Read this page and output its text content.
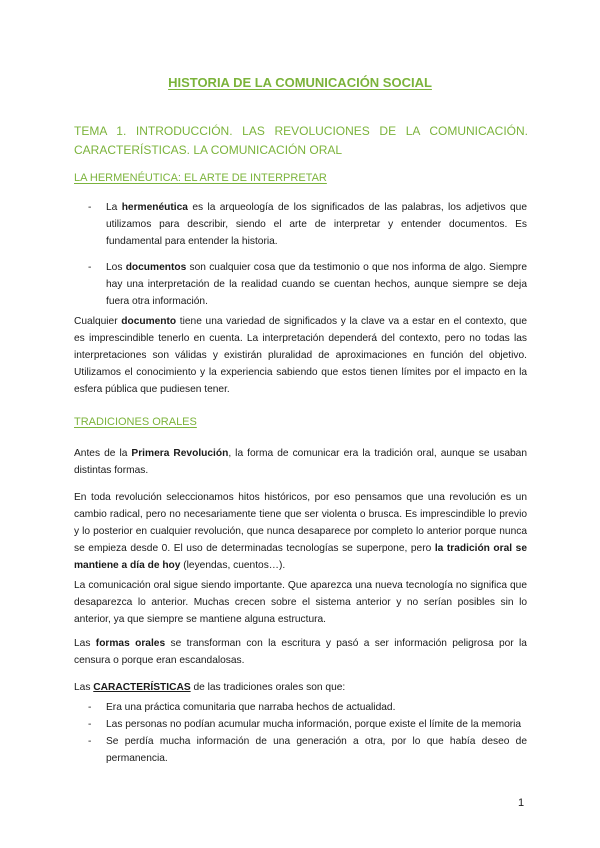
HISTORIA DE LA COMUNICACIÓN SOCIAL
TEMA 1. INTRODUCCIÓN. LAS REVOLUCIONES DE LA COMUNICACIÓN. CARACTERÍSTICAS. LA COMUNICACIÓN ORAL
LA HERMENÉUTICA: EL ARTE DE INTERPRETAR
- La hermenéutica es la arqueología de los significados de las palabras, los adjetivos que utilizamos para describir, siendo el arte de interpretar y entender documentos. Es fundamental para entender la historia.
- Los documentos son cualquier cosa que da testimonio o que nos informa de algo. Siempre hay una interpretación de la realidad cuando se cuentan hechos, aunque siempre se deja fuera otra información.

Cualquier documento tiene una variedad de significados y la clave va a estar en el contexto, que es imprescindible tenerlo en cuenta. La interpretación dependerá del contexto, pero no todas las interpretaciones son válidas y existirán pluralidad de aproximaciones en función del objetivo. Utilizamos el conocimiento y la experiencia sabiendo que estos tienen límites por el impacto en la esfera pública que pudiesen tener.

TRADICIONES ORALES

Antes de la Primera Revolución, la forma de comunicar era la tradición oral, aunque se usaban distintas formas.

En toda revolución seleccionamos hitos históricos, por eso pensamos que una revolución es un cambio radical, pero no necesariamente tiene que ser violenta o brusca. Es imprescindible lo previo y lo posterior en cualquier revolución, que nunca desaparece por completo lo anterior porque nunca se empieza desde 0. El uso de determinadas tecnologías se superpone, pero la tradición oral se mantiene a día de hoy (leyendas, cuentos…).

La comunicación oral sigue siendo importante. Que aparezca una nueva tecnología no significa que desaparezca lo anterior. Muchas crecen sobre el sistema anterior y no serían posibles sin lo anterior, ya que siempre se mantiene alguna estructura.

Las formas orales se transforman con la escritura y pasó a ser información peligrosa por la censura o porque eran escandalosas.

Las CARACTERÍSTICAS de las tradiciones orales son que:

- Era una práctica comunitaria que narraba hechos de actualidad.
- Las personas no podían acumular mucha información, porque existe el límite de la memoria
- Se perdía mucha información de una generación a otra, por lo que había deseo de permanencia.
1
